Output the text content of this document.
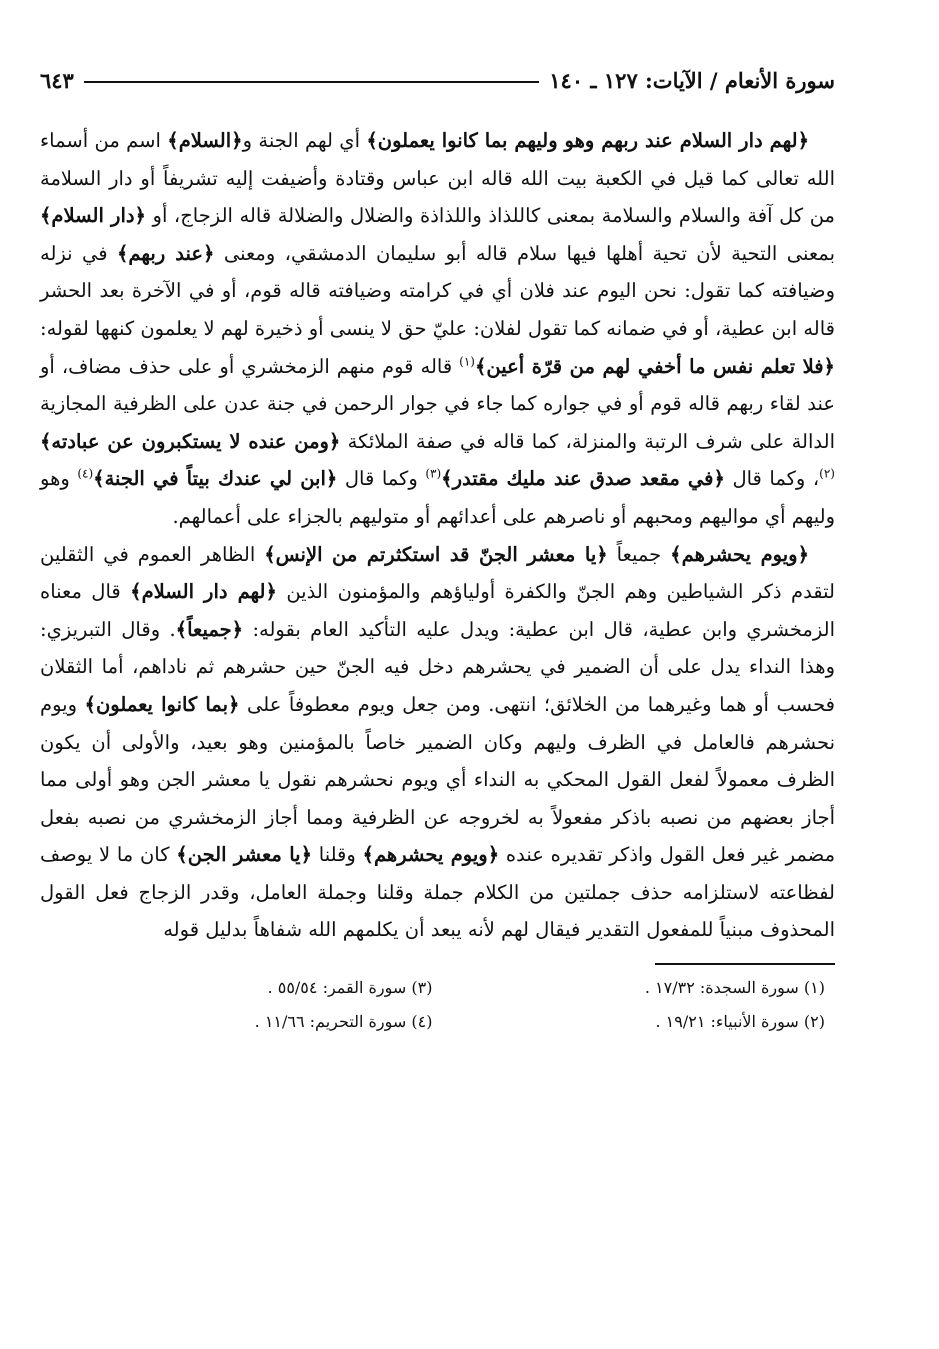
سورة الأنعام / الآيات: ١٢٧ ـ ١٤٠
٦٤٣

﴿لهم دار السلام عند ربهم وهو وليهم بما كانوا يعملون﴾ أي لهم الجنة و﴿السلام﴾ اسم من أسماء الله تعالى كما قيل في الكعبة بيت الله قاله ابن عباس وقتادة وأضيفت إليه تشريفاً أو دار السلامة من كل آفة والسلام والسلامة بمعنى كاللذاذ واللذاذة والضلال والضلالة قاله الزجاج، أو ﴿دار السلام﴾ بمعنى التحية لأن تحية أهلها فيها سلام قاله أبو سليمان الدمشقي، ومعنى ﴿عند ربهم﴾ في نزله وضيافته كما تقول: نحن اليوم عند فلان أي في كرامته وضيافته قاله قوم، أو في الآخرة بعد الحشر قاله ابن عطية، أو في ضمانه كما تقول لفلان: عليّ حق لا ينسى أو ذخيرة لهم لا يعلمون كنهها لقوله: ﴿فلا تعلم نفس ما أخفي لهم من قرّة أعين﴾$^{(١)}$ قاله قوم منهم الزمخشري أو على حذف مضاف، أو عند لقاء ربهم قاله قوم أو في جواره كما جاء في جوار الرحمن في جنة عدن على الظرفية المجازية الدالة على شرف الرتبة والمنزلة، كما قاله في صفة الملائكة ﴿ومن عنده لا يستكبرون عن عبادته﴾$^{(٢)}$، وكما قال ﴿في مقعد صدق عند مليك مقتدر﴾$^{(٣)}$ وكما قال ﴿ابن لي عندك بيتاً في الجنة﴾$^{(٤)}$ وهو وليهم أي مواليهم ومحبهم أو ناصرهم على أعدائهم أو متوليهم بالجزاء على أعمالهم.

﴿ويوم يحشرهم﴾ جميعاً ﴿يا معشر الجنّ قد استكثرتم من الإنس﴾ الظاهر العموم في الثقلين لتقدم ذكر الشياطين وهم الجنّ والكفرة أولياؤهم والمؤمنون الذين ﴿لهم دار السلام﴾ قال معناه الزمخشري وابن عطية، قال ابن عطية: ويدل عليه التأكيد العام بقوله: ﴿جميعاً﴾. وقال التبريزي: وهذا النداء يدل على أن الضمير في يحشرهم دخل فيه الجنّ حين حشرهم ثم ناداهم، أما الثقلان فحسب أو هما وغيرهما من الخلائق؛ انتهى. ومن جعل ويوم معطوفاً على ﴿بما كانوا يعملون﴾ ويوم نحشرهم فالعامل في الظرف وليهم وكان الضمير خاصاً بالمؤمنين وهو بعيد، والأولى أن يكون الظرف معمولاً لفعل القول المحكي به النداء أي ويوم نحشرهم نقول يا معشر الجن وهو أولى مما أجاز بعضهم من نصبه باذكر مفعولاً به لخروجه عن الظرفية ومما أجاز الزمخشري من نصبه بفعل مضمر غير فعل القول واذكر تقديره عنده ﴿ويوم يحشرهم﴾ وقلنا ﴿يا معشر الجن﴾ كان ما لا يوصف لفظاعته لاستلزامه حذف جملتين من الكلام جملة وقلنا وجملة العامل، وقدر الزجاج فعل القول المحذوف مبنياً للمفعول التقدير فيقال لهم لأنه يبعد أن يكلمهم الله شفاهاً بدليل قوله

(١) سورة السجدة: ١٧/٣٢ .
(٣) سورة القمر: ٥٥/٥٤ .
(٢) سورة الأنبياء: ١٩/٢١ .
(٤) سورة التحريم: ١١/٦٦ .
